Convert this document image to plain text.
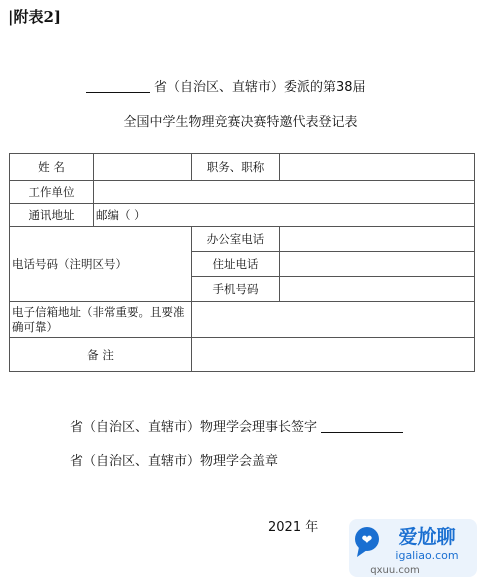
|附表2]
省（自治区、直辖市）委派的第38届
全国中学生物理竞赛决赛特邀代表登记表
姓 名		职务、职称	
工作单位			
通讯地址	邮编（ ）		
电话号码（注明区号）		办公室电话	
		住址电话	
		手机号码	
电子信箱地址（非常重要。且要准确可靠）			
备 注			
省（自治区、直辖市）物理学会理事长签字
省（自治区、直辖市）物理学会盖章
2021 年
❤ 爱尬聊
igaliao.com
qxuu.com
